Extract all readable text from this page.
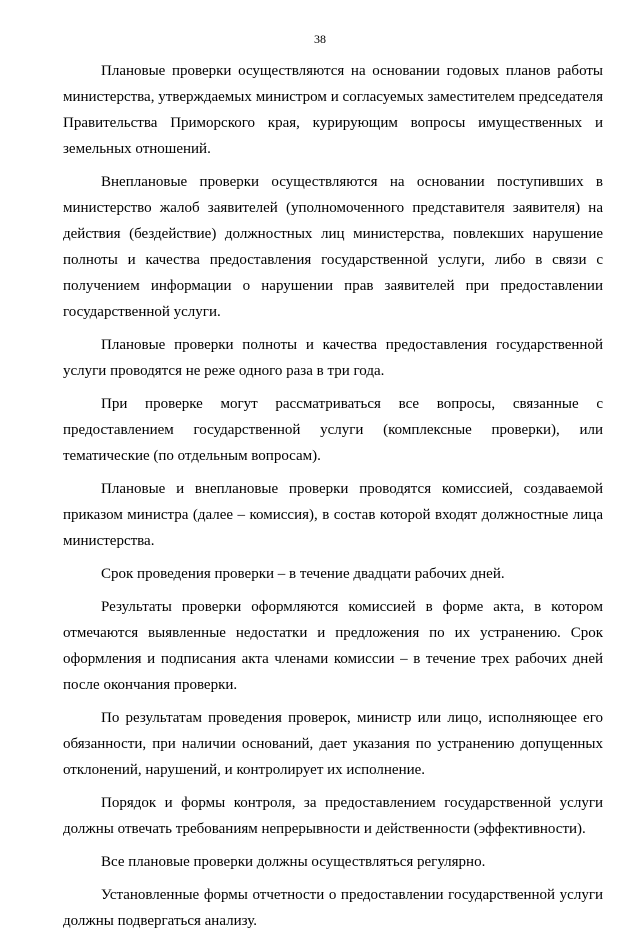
38

Плановые проверки осуществляются на основании годовых планов работы министерства, утверждаемых министром и согласуемых заместителем председателя Правительства Приморского края, курирующим вопросы имущественных и земельных отношений.

Внеплановые проверки осуществляются на основании поступивших в министерство жалоб заявителей (уполномоченного представителя заявителя) на действия (бездействие) должностных лиц министерства, повлекших нарушение полноты и качества предоставления государственной услуги, либо в связи с получением информации о нарушении прав заявителей при предоставлении государственной услуги.

Плановые проверки полноты и качества предоставления государственной услуги проводятся не реже одного раза в три года.

При проверке могут рассматриваться все вопросы, связанные с предоставлением государственной услуги (комплексные проверки), или тематические (по отдельным вопросам).

Плановые и внеплановые проверки проводятся комиссией, создаваемой приказом министра (далее – комиссия), в состав которой входят должностные лица министерства.

Срок проведения проверки – в течение двадцати рабочих дней.

Результаты проверки оформляются комиссией в форме акта, в котором отмечаются выявленные недостатки и предложения по их устранению. Срок оформления и подписания акта членами комиссии – в течение трех рабочих дней после окончания проверки.

По результатам проведения проверок, министр или лицо, исполняющее его обязанности, при наличии оснований, дает указания по устранению допущенных отклонений, нарушений, и контролирует их исполнение.

Порядок и формы контроля, за предоставлением государственной услуги должны отвечать требованиям непрерывности и действенности (эффективности).

Все плановые проверки должны осуществляться регулярно.

Установленные формы отчетности о предоставлении государственной услуги должны подвергаться анализу.
